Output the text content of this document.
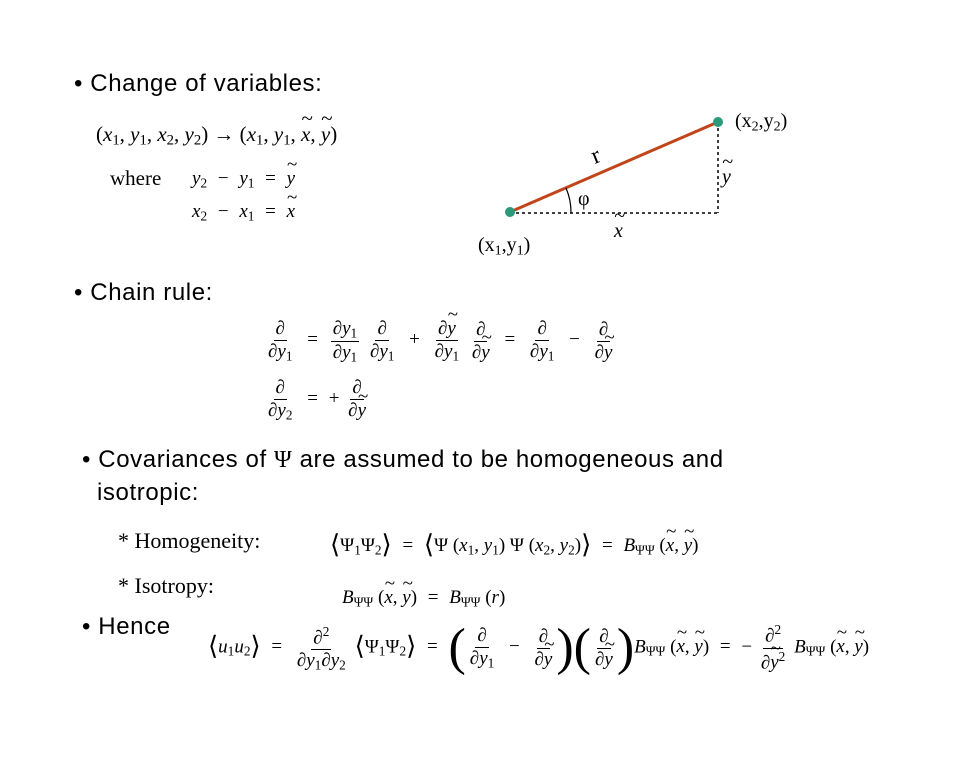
• Change of variables:
($x_1$, $y_1$, $x_2$, $y_2) \to (x_1$, $y_1$, ~ x, ~ y)
where $y_2 - y_1$ = ~ y
$x_2 - x_1$ = ~ x
$(x_1,y_1)$
$(x_2,y_2)$
r
φ
~ x
~ y
• Chain rule:
$\frac{\partial}{\partial y_1} = \frac{\partial y_1}{\partial y_1}$
$\frac{\partial}{\partial y_1} + \frac{\partial\sim y}{\partial y_1}$
$\frac{\partial}{\partial\sim y} = \frac{\partial}{\partial y_1} - \frac{\partial}{\partial\sim y}$
$\frac{\partial}{\partial y_2}$ = + $\frac{\partial}{\partial\sim y}$
• Covariances of Ψ are assumed to be homogeneous and
isotropic:
* Homogeneity:	$⟨\Psi_1\Psi_2⟩$ = ⟨Ψ ($x_1$, $y_1$) Ψ ($x_2$, $y_2)⟩ = B_{\Psi\Psi}$ (~ x, ~ y)
* Isotropy:	$B_{\Psi\Psi}$ (~ x, ~ $y) = B_{\Psi\Psi}$ (r)
• Hence
$⟨u_1u_2⟩ = \frac{\partial^2}{\partial y_1\partial y_2}$ $⟨\Psi_1\Psi_2⟩$ = ( $\frac{\partial}{\partial y_1} - \frac{\partial}{\partial\sim y}$ )( $\frac{\partial}{\partial\sim y} )B_{\Psi\Psi}$ (~ x, ~ y) = − $\frac{\partial^2}{\partial\sim y^2} B_{\Psi\Psi}$ (~ x, ~ y)
